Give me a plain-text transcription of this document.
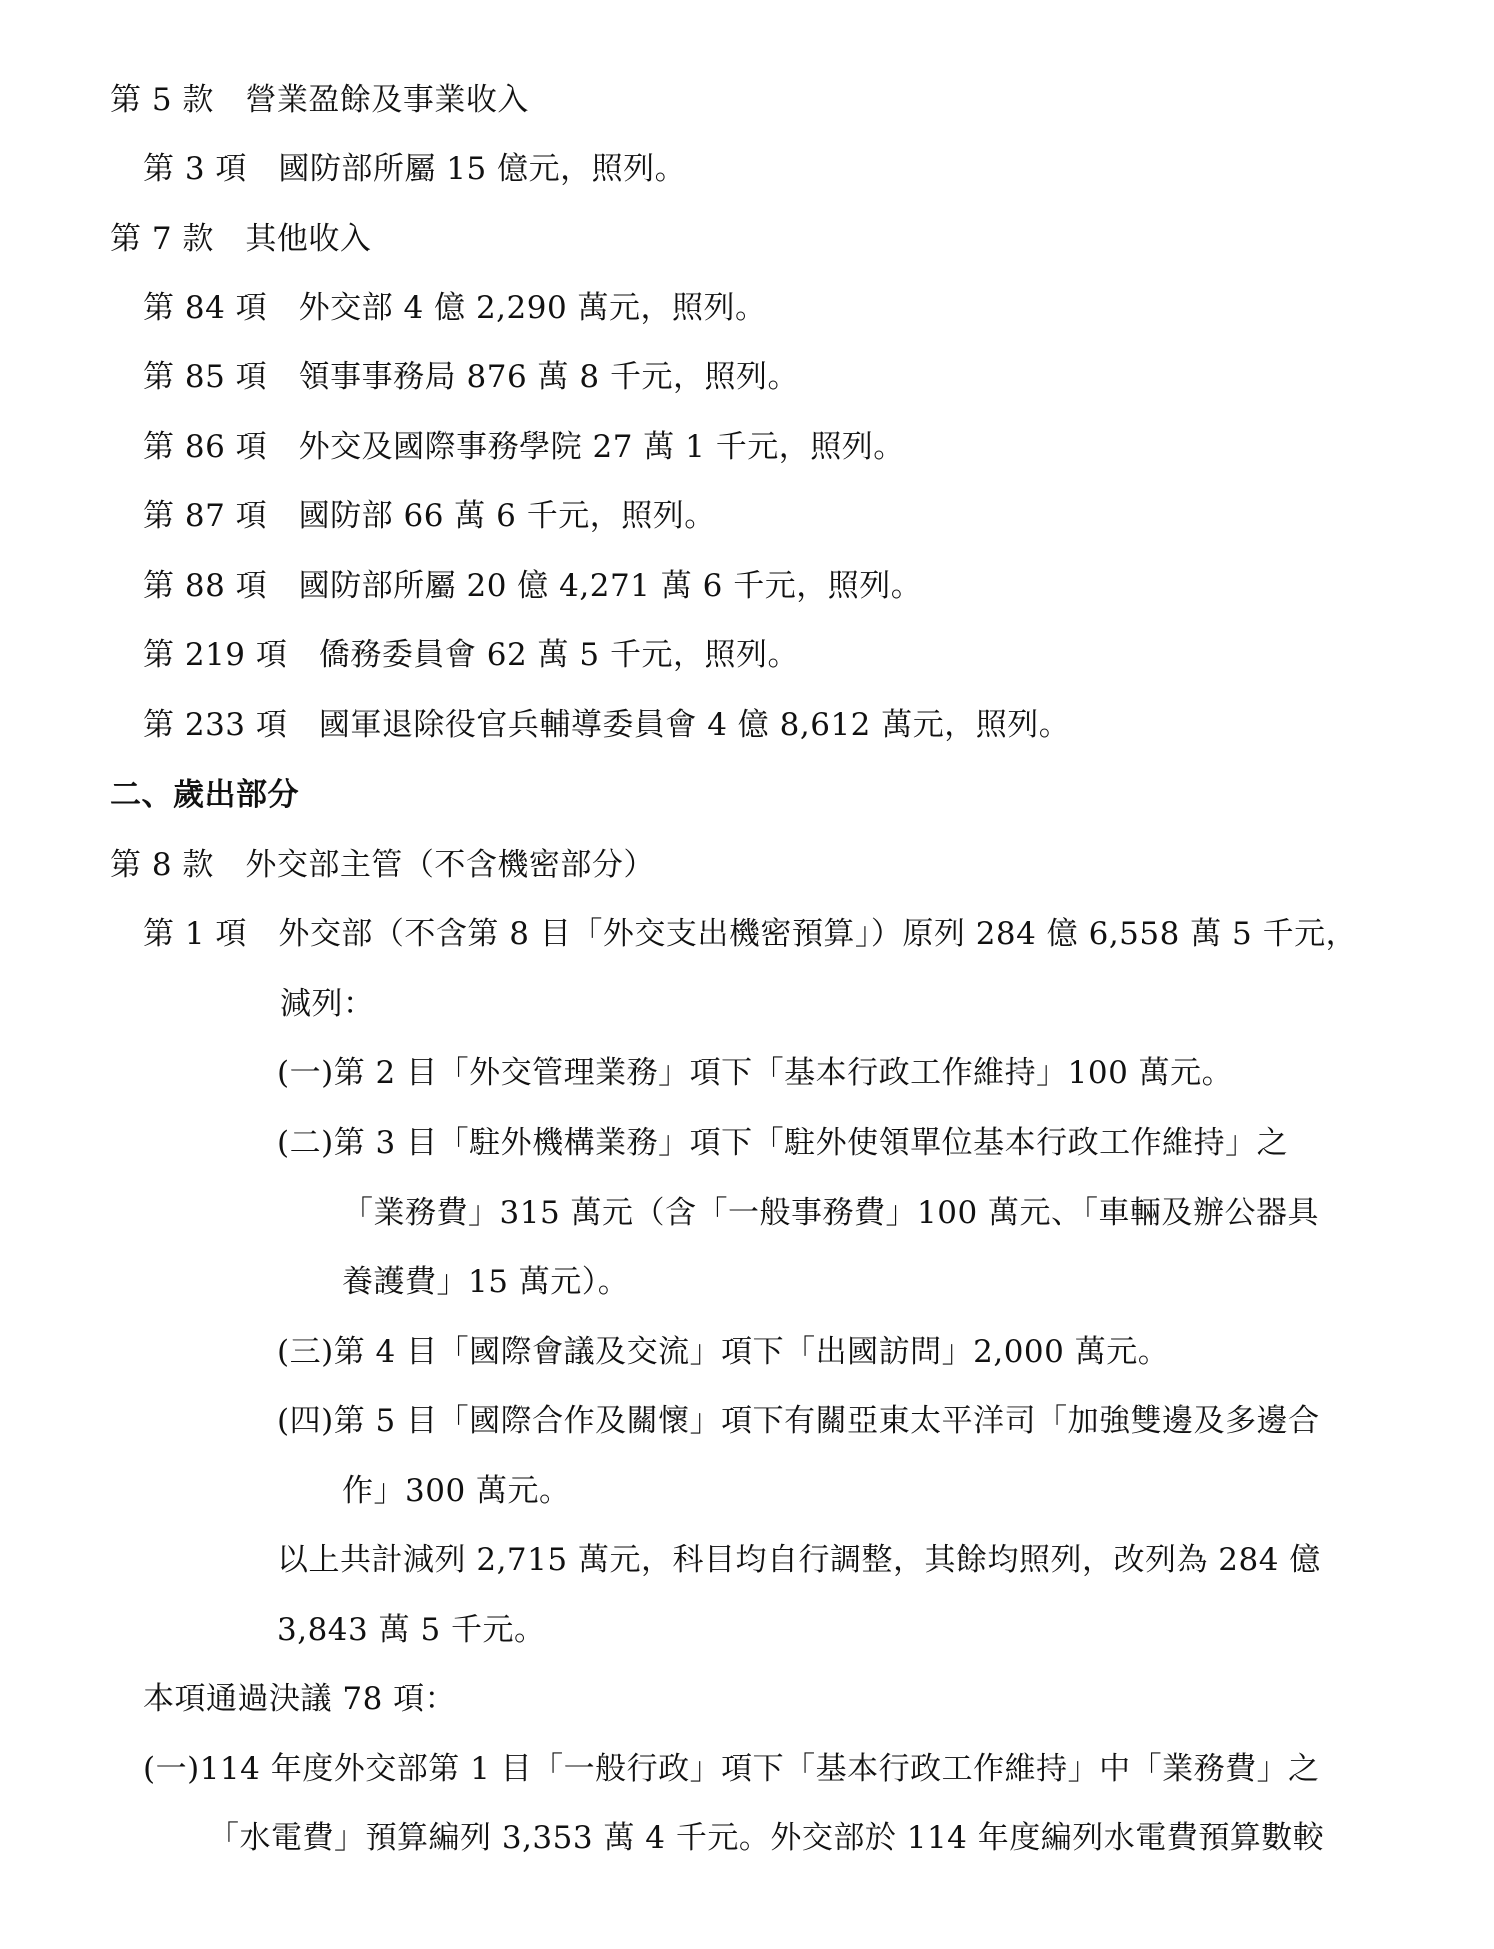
第 5 款　營業盈餘及事業收入
第 3 項　國防部所屬 15 億元，照列。
第 7 款　其他收入
第 84 項　外交部 4 億 2,290 萬元，照列。
第 85 項　領事事務局 876 萬 8 千元，照列。
第 86 項　外交及國際事務學院 27 萬 1 千元，照列。
第 87 項　國防部 66 萬 6 千元，照列。
第 88 項　國防部所屬 20 億 4,271 萬 6 千元，照列。
第 219 項　僑務委員會 62 萬 5 千元，照列。
第 233 項　國軍退除役官兵輔導委員會 4 億 8,612 萬元，照列。
二、歲出部分
第 8 款　外交部主管（不含機密部分）
第 1 項　外交部（不含第 8 目「外交支出機密預算」）原列 284 億 6,558 萬 5 千元，
減列：
(一)第 2 目「外交管理業務」項下「基本行政工作維持」100 萬元。
(二)第 3 目「駐外機構業務」項下「駐外使領單位基本行政工作維持」之
「業務費」315 萬元（含「一般事務費」100 萬元、「車輛及辦公器具
養護費」15 萬元）。
(三)第 4 目「國際會議及交流」項下「出國訪問」2,000 萬元。
(四)第 5 目「國際合作及關懷」項下有關亞東太平洋司「加強雙邊及多邊合
作」300 萬元。
以上共計減列 2,715 萬元，科目均自行調整，其餘均照列，改列為 284 億
3,843 萬 5 千元。
本項通過決議 78 項：
(一)114 年度外交部第 1 目「一般行政」項下「基本行政工作維持」中「業務費」之
「水電費」預算編列 3,353 萬 4 千元。外交部於 114 年度編列水電費預算數較
